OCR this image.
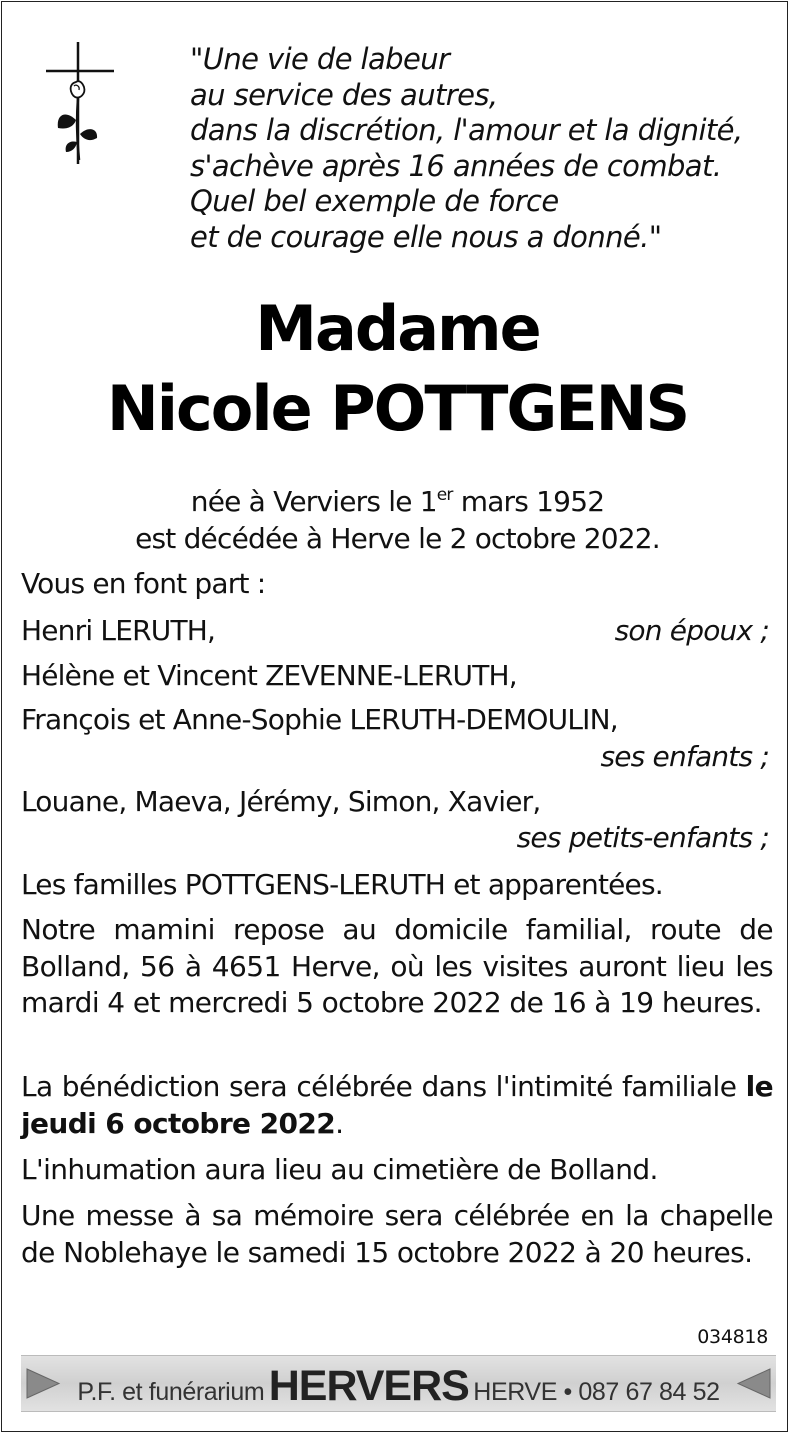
"Une vie de labeur
au service des autres,
dans la discrétion, l'amour et la dignité,
s'achève après 16 années de combat.
Quel bel exemple de force
et de courage elle nous a donné."
Madame
Nicole POTTGENS
née à Verviers le 1er mars 1952
est décédée à Herve le 2 octobre 2022.
Vous en font part :
Henri LERUTH,	son époux ;
Hélène et Vincent ZEVENNE-LERUTH,
François et Anne-Sophie LERUTH-DEMOULIN,
ses enfants ;
Louane, Maeva, Jérémy, Simon, Xavier,
ses petits-enfants ;
Les familles POTTGENS-LERUTH et apparentées.
Notre mamini repose au domicile familial, route de Bolland, 56 à 4651 Herve, où les visites auront lieu les mardi 4 et mercredi 5 octobre 2022 de 16 à 19 heures.
La bénédiction sera célébrée dans l'intimité familiale le jeudi 6 octobre 2022.
L'inhumation aura lieu au cimetière de Bolland.
Une messe à sa mémoire sera célébrée en la chapelle de Noblehaye le samedi 15 octobre 2022 à 20 heures.
034818
P.F. et funérarium HERVERS HERVE • 087 67 84 52
